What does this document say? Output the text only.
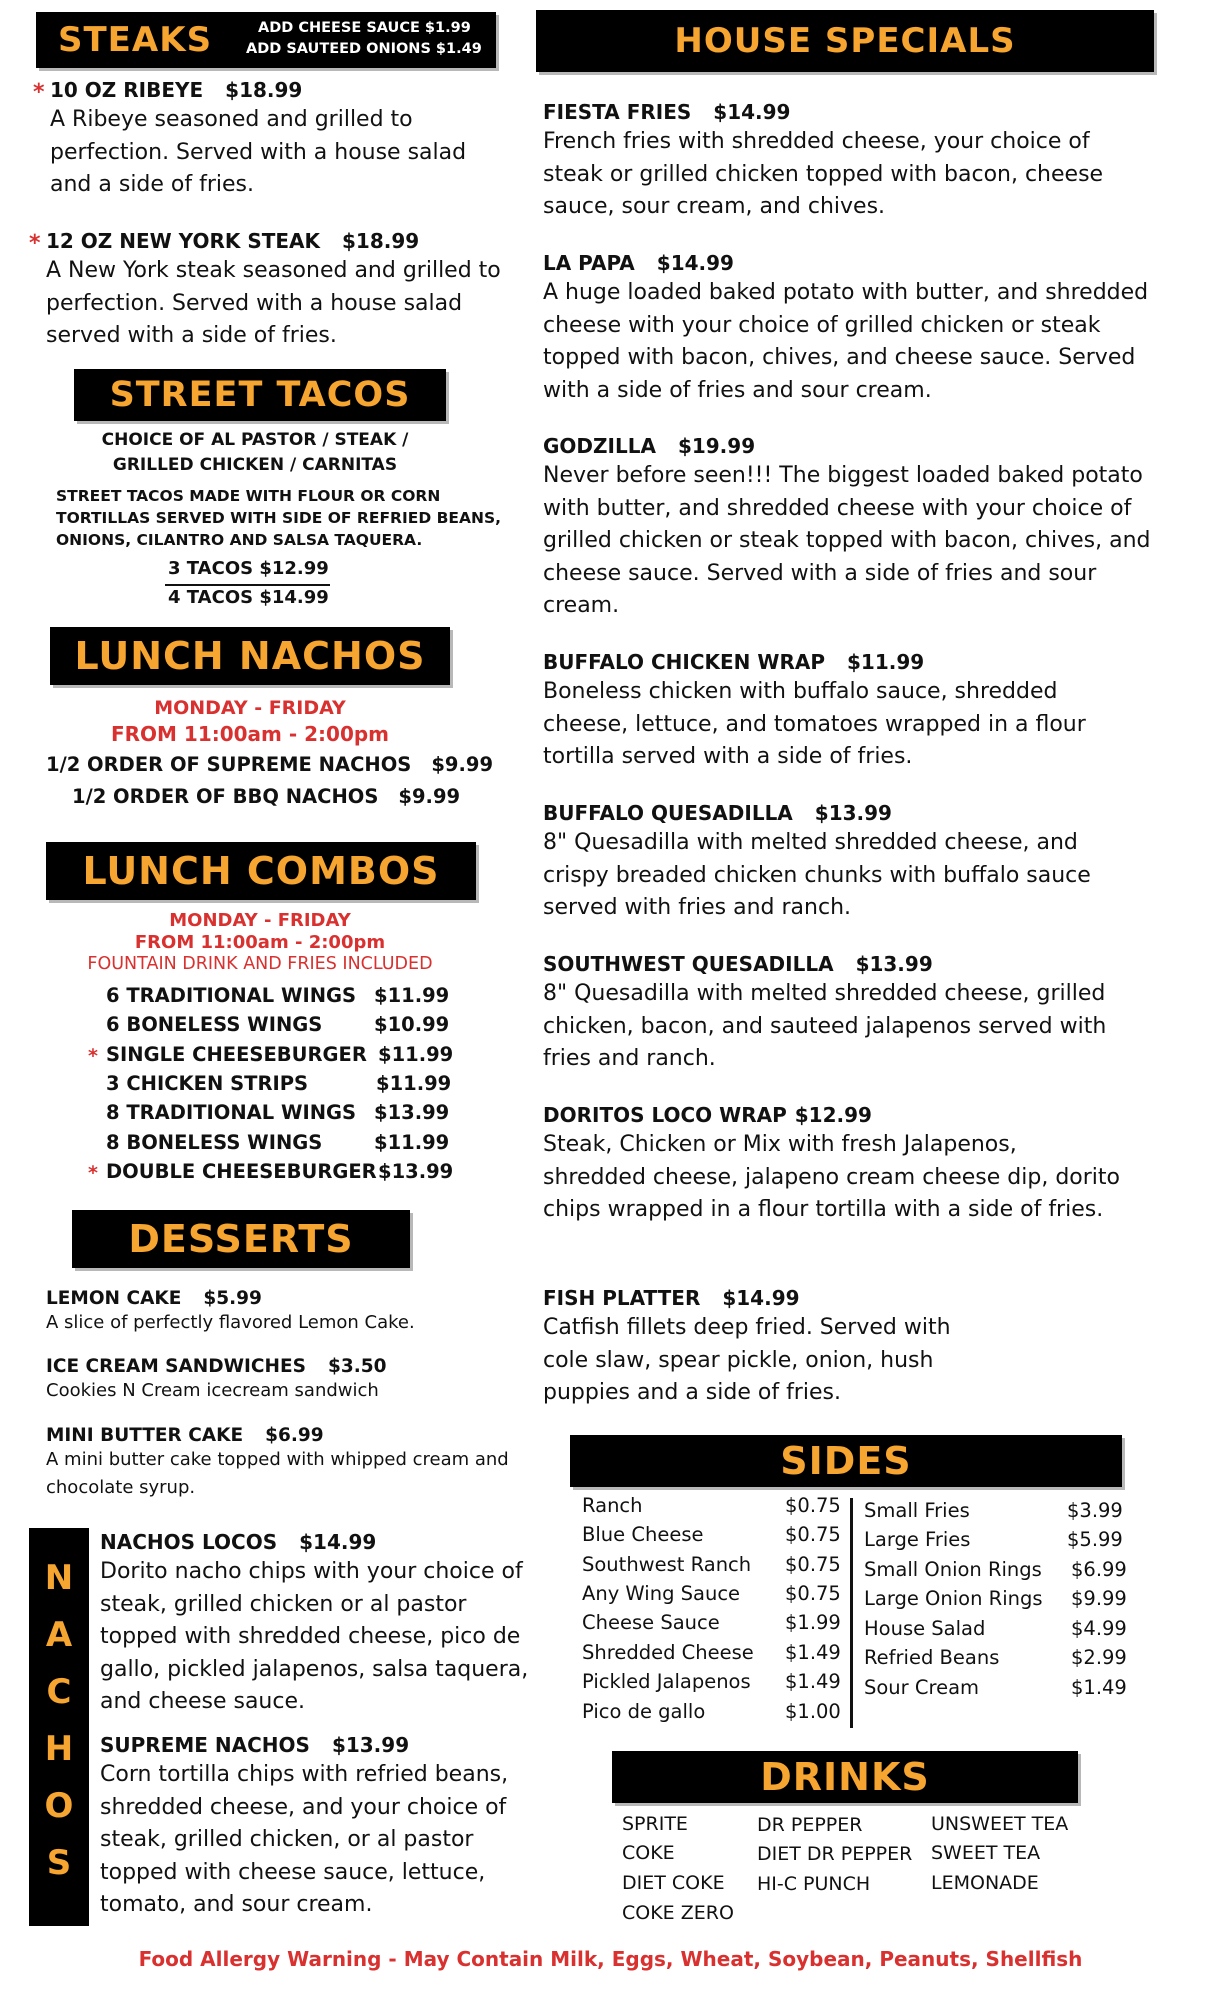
STEAKS	ADD CHEESE SAUCE $1.99
ADD SAUTEED ONIONS $1.49
* 10 OZ RIBEYE $18.99
A Ribeye seasoned and grilled to perfection. Served with a house salad and a side of fries.
* 12 OZ NEW YORK STEAK $18.99
A New York steak seasoned and grilled to perfection. Served with a house salad served with a side of fries.
STREET TACOS
CHOICE OF AL PASTOR / STEAK /
GRILLED CHICKEN / CARNITAS
STREET TACOS MADE WITH FLOUR OR CORN
TORTILLAS SERVED WITH SIDE OF REFRIED BEANS,
ONIONS, CILANTRO AND SALSA TAQUERA.
3 TACOS $12.99
4 TACOS $14.99
LUNCH NACHOS
MONDAY - FRIDAY
FROM 11:00am - 2:00pm
1/2 ORDER OF SUPREME NACHOS $9.99
1/2 ORDER OF BBQ NACHOS $9.99
LUNCH COMBOS
MONDAY - FRIDAY
FROM 11:00am - 2:00pm
FOUNTAIN DRINK AND FRIES INCLUDED
6 TRADITIONAL WINGS $11.99
6 BONELESS WINGS	$10.99
* SINGLE CHEESEBURGER $11.99
3 CHICKEN STRIPS	$11.99
8 TRADITIONAL WINGS $13.99
8 BONELESS WINGS	$11.99
* DOUBLE CHEESEBURGER $13.99
DESSERTS
LEMON CAKE $5.99
A slice of perfectly flavored Lemon Cake.
ICE CREAM SANDWICHES $3.50
Cookies N Cream icecream sandwich
MINI BUTTER CAKE $6.99
A mini butter cake topped with whipped cream and chocolate syrup.
N
A
C
H
O
S
NACHOS LOCOS $14.99
Dorito nacho chips with your choice of steak, grilled chicken or al pastor topped with shredded cheese, pico de gallo, pickled jalapenos, salsa taquera, and cheese sauce.
SUPREME NACHOS $13.99
Corn tortilla chips with refried beans, shredded cheese, and your choice of steak, grilled chicken, or al pastor topped with cheese sauce, lettuce, tomato, and sour cream.
HOUSE SPECIALS
FIESTA FRIES $14.99
French fries with shredded cheese, your choice of steak or grilled chicken topped with bacon, cheese sauce, sour cream, and chives.
LA PAPA $14.99
A huge loaded baked potato with butter, and shredded cheese with your choice of grilled chicken or steak topped with bacon, chives, and cheese sauce. Served with a side of fries and sour cream.
GODZILLA $19.99
Never before seen!!! The biggest loaded baked potato with butter, and shredded cheese with your choice of grilled chicken or steak topped with bacon, chives, and cheese sauce. Served with a side of fries and sour cream.
BUFFALO CHICKEN WRAP $11.99
Boneless chicken with buffalo sauce, shredded cheese, lettuce, and tomatoes wrapped in a flour tortilla served with a side of fries.
BUFFALO QUESADILLA $13.99
8" Quesadilla with melted shredded cheese, and crispy breaded chicken chunks with buffalo sauce served with fries and ranch.
SOUTHWEST QUESADILLA $13.99
8" Quesadilla with melted shredded cheese, grilled chicken, bacon, and sauteed jalapenos served with fries and ranch.
DORITOS LOCO WRAP $12.99
Steak, Chicken or Mix with fresh Jalapenos, shredded cheese, jalapeno cream cheese dip, dorito chips wrapped in a flour tortilla with a side of fries.
FISH PLATTER $14.99
Catfish fillets deep fried. Served with cole slaw, spear pickle, onion, hush puppies and a side of fries.
SIDES
Ranch	$0.75
Blue Cheese	$0.75
Southwest Ranch $0.75
Any Wing Sauce $0.75
Cheese Sauce	$1.99
Shredded Cheese $1.49
Pickled Jalapenos $1.49
Pico de gallo	$1.00
Small Fries	$3.99
Large Fries	$5.99
Small Onion Rings $6.99
Large Onion Rings $9.99
House Salad	$4.99
Refried Beans	$2.99
Sour Cream	$1.49
DRINKS
SPRITE
COKE
DIET COKE
COKE ZERO
DR PEPPER
DIET DR PEPPER
HI-C PUNCH
UNSWEET TEA
SWEET TEA
LEMONADE
Food Allergy Warning - May Contain Milk, Eggs, Wheat, Soybean, Peanuts, Shellfish
